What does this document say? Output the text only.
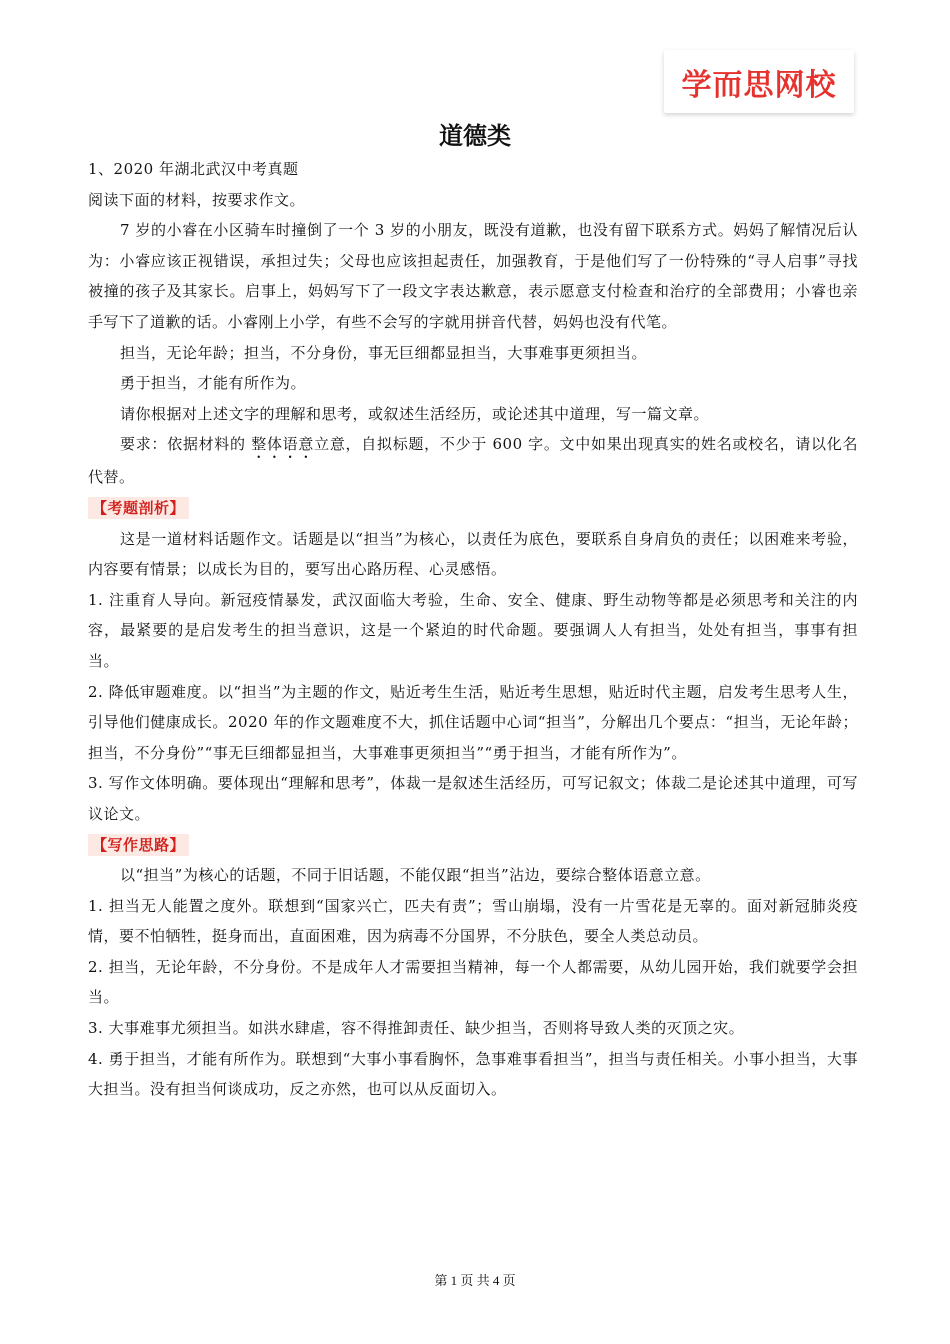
学而思网校
道德类

1、2020 年湖北武汉中考真题

阅读下面的材料，按要求作文。

7 岁的小睿在小区骑车时撞倒了一个 3 岁的小朋友，既没有道歉，也没有留下联系方式。妈妈了解情况后认为：小睿应该正视错误，承担过失；父母也应该担起责任，加强教育，于是他们写了一份特殊的“寻人启事”寻找被撞的孩子及其家长。启事上，妈妈写下了一段文字表达歉意，表示愿意支付检查和治疗的全部费用；小睿也亲手写下了道歉的话。小睿刚上小学，有些不会写的字就用拼音代替，妈妈也没有代笔。

担当，无论年龄；担当，不分身份，事无巨细都显担当，大事难事更须担当。

勇于担当，才能有所作为。

请你根据对上述文字的理解和思考，或叙述生活经历，或论述其中道理，写一篇文章。

要求：依据材料的 整体语意立意，自拟标题，不少于 600 字。文中如果出现真实的姓名或校名，请以化名代替。

【考题剖析】

这是一道材料话题作文。话题是以“担当”为核心，以责任为底色，要联系自身肩负的责任；以困难来考验，内容要有情景；以成长为目的，要写出心路历程、心灵感悟。

1. 注重育人导向。新冠疫情暴发，武汉面临大考验，生命、安全、健康、野生动物等都是必须思考和关注的内容，最紧要的是启发考生的担当意识，这是一个紧迫的时代命题。要强调人人有担当，处处有担当，事事有担当。

2. 降低审题难度。以“担当”为主题的作文，贴近考生生活，贴近考生思想，贴近时代主题，启发考生思考人生，引导他们健康成长。2020 年的作文题难度不大，抓住话题中心词“担当”，分解出几个要点：“担当，无论年龄；担当，不分身份”“事无巨细都显担当，大事难事更须担当”“勇于担当，才能有所作为”。

3. 写作文体明确。要体现出“理解和思考”，体裁一是叙述生活经历，可写记叙文；体裁二是论述其中道理，可写议论文。

【写作思路】

以“担当”为核心的话题，不同于旧话题，不能仅跟“担当”沾边，要综合整体语意立意。

1. 担当无人能置之度外。联想到“国家兴亡，匹夫有责”；雪山崩塌，没有一片雪花是无辜的。面对新冠肺炎疫情，要不怕牺牲，挺身而出，直面困难，因为病毒不分国界，不分肤色，要全人类总动员。

2. 担当，无论年龄，不分身份。不是成年人才需要担当精神，每一个人都需要，从幼儿园开始，我们就要学会担当。

3. 大事难事尤须担当。如洪水肆虐，容不得推卸责任、缺少担当，否则将导致人类的灭顶之灾。

4. 勇于担当，才能有所作为。联想到“大事小事看胸怀，急事难事看担当”，担当与责任相关。小事小担当，大事大担当。没有担当何谈成功，反之亦然，也可以从反面切入。

第 1 页 共 4 页
